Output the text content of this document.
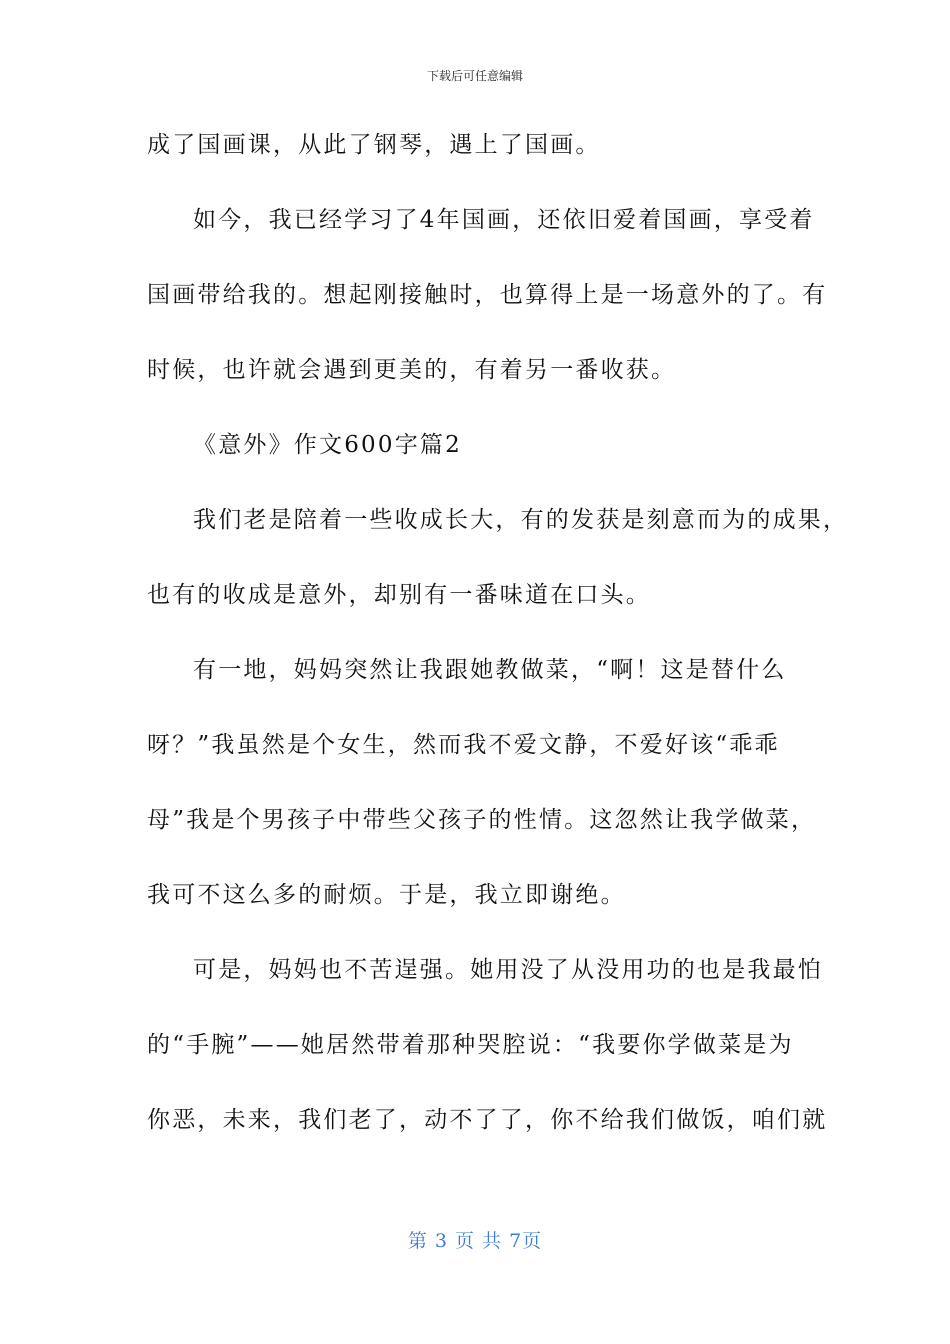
下载后可任意编辑
成了国画课，从此了钢琴，遇上了国画。
如今，我已经学习了4年国画，还依旧爱着国画，享受着
国画带给我的。想起刚接触时，也算得上是一场意外的了。有
时候，也许就会遇到更美的，有着另一番收获。
《意外》作文600字篇2
我们老是陪着一些收成长大，有的发获是刻意而为的成果，
也有的收成是意外，却别有一番味道在口头。
有一地，妈妈突然让我跟她教做菜，“啊！这是替什么
呀？”我虽然是个女生，然而我不爱文静，不爱好该“乖乖
母”我是个男孩子中带些父孩子的性情。这忽然让我学做菜，
我可不这么多的耐烦。于是，我立即谢绝。
可是，妈妈也不苦逞强。她用没了从没用功的也是我最怕
的“手腕”——她居然带着那种哭腔说：“我要你学做菜是为
你恶，未来，我们老了，动不了了，你不给我们做饭，咱们就
第 3 页 共 7页
